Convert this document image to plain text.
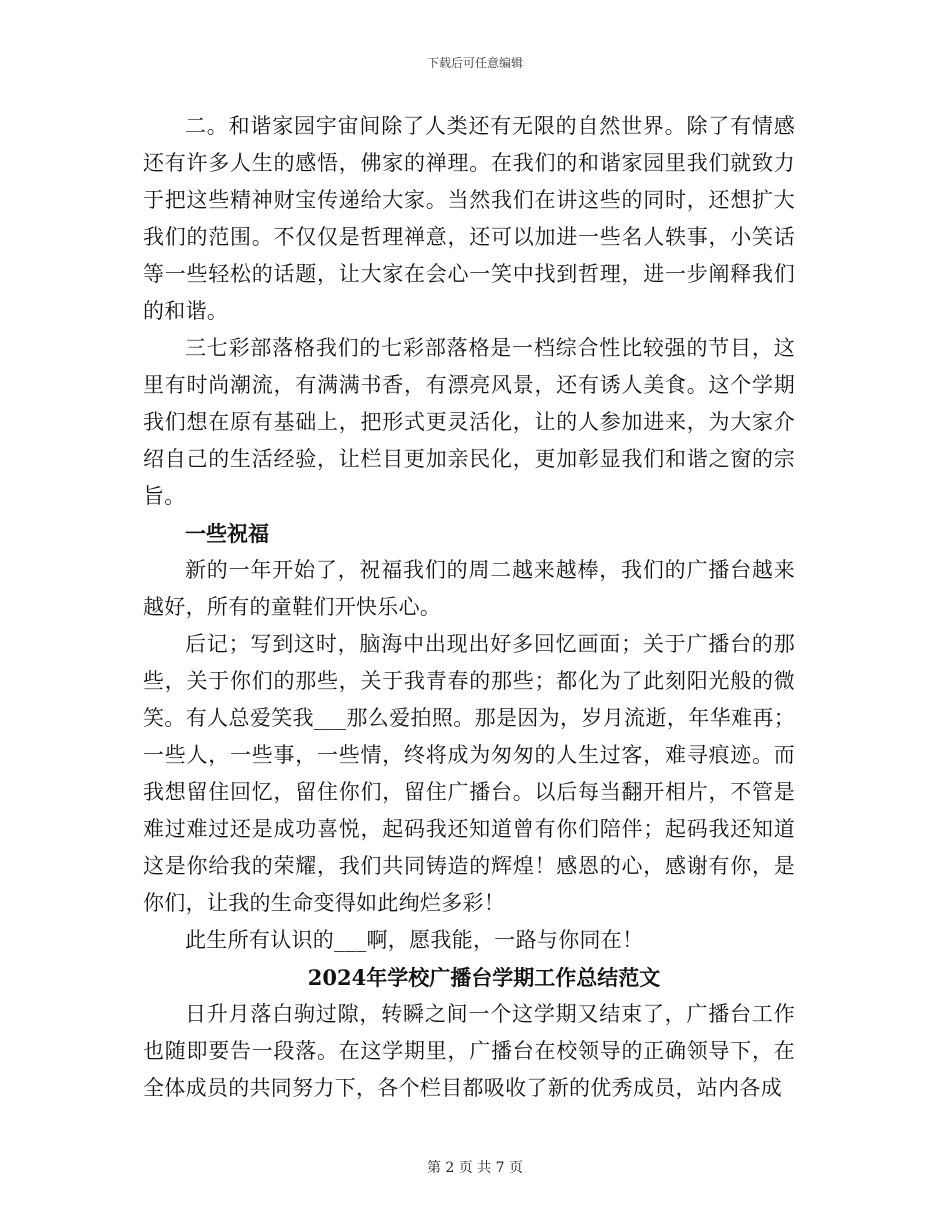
下载后可任意编辑

二。和谐家园宇宙间除了人类还有无限的自然世界。除了有情感还有许多人生的感悟，佛家的禅理。在我们的和谐家园里我们就致力于把这些精神财宝传递给大家。当然我们在讲这些的同时，还想扩大我们的范围。不仅仅是哲理禅意，还可以加进一些名人轶事，小笑话等一些轻松的话题，让大家在会心一笑中找到哲理，进一步阐释我们的和谐。

三七彩部落格我们的七彩部落格是一档综合性比较强的节目，这里有时尚潮流，有满满书香，有漂亮风景，还有诱人美食。这个学期我们想在原有基础上，把形式更灵活化，让的人参加进来，为大家介绍自己的生活经验，让栏目更加亲民化，更加彰显我们和谐之窗的宗旨。

一些祝福

新的一年开始了，祝福我们的周二越来越棒，我们的广播台越来越好，所有的童鞋们开快乐心。

后记；写到这时，脑海中出现出好多回忆画面；关于广播台的那些，关于你们的那些，关于我青春的那些；都化为了此刻阳光般的微笑。有人总爱笑我___那么爱拍照。那是因为，岁月流逝，年华难再；一些人，一些事，一些情，终将成为匆匆的人生过客，难寻痕迹。而我想留住回忆，留住你们，留住广播台。以后每当翻开相片，不管是难过难过还是成功喜悦，起码我还知道曾有你们陪伴；起码我还知道这是你给我的荣耀，我们共同铸造的辉煌！感恩的心，感谢有你，是你们，让我的生命变得如此绚烂多彩！

此生所有认识的___啊，愿我能，一路与你同在！

2024年学校广播台学期工作总结范文

日升月落白驹过隙，转瞬之间一个这学期又结束了，广播台工作也随即要告一段落。在这学期里，广播台在校领导的正确领导下，在全体成员的共同努力下，各个栏目都吸收了新的优秀成员，站内各成

第 2 页 共 7 页
